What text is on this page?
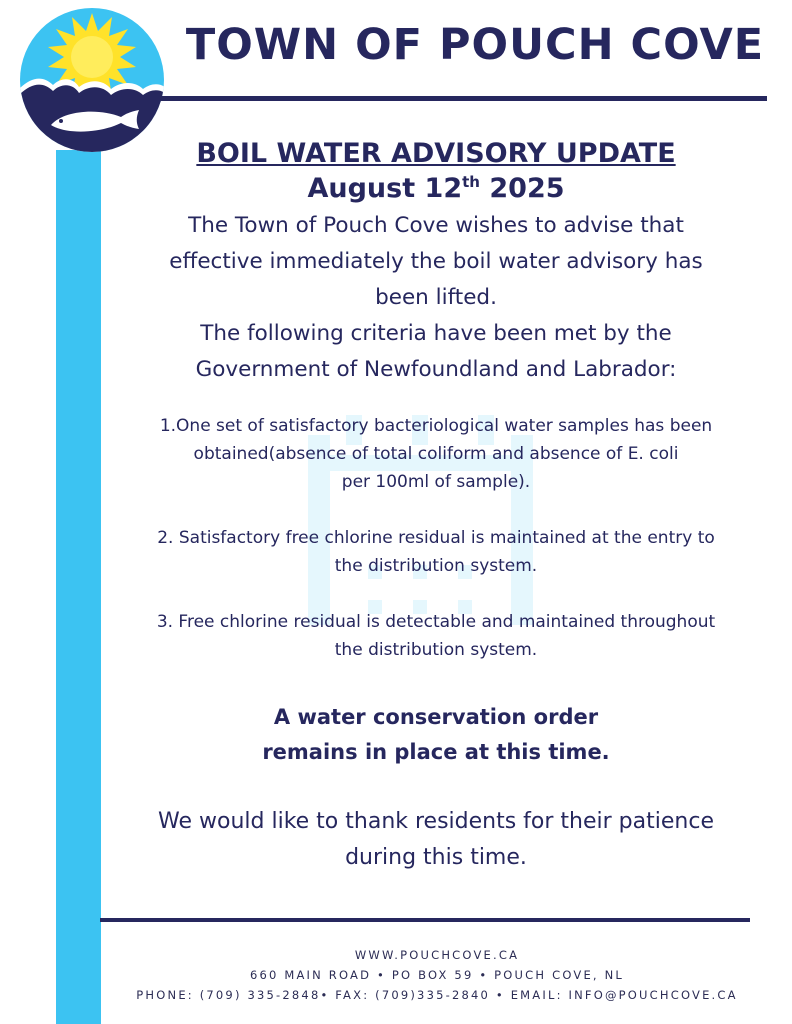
TOWN OF POUCH COVE

BOIL WATER ADVISORY UPDATE

August 12th 2025

The Town of Pouch Cove wishes to advise that

effective immediately the boil water advisory has

been lifted.

The following criteria have been met by the

Government of Newfoundland and Labrador:

1.One set of satisfactory bacteriological water samples has been

obtained(absence of total coliform and absence of E. coli

per 100ml of sample).

2. Satisfactory free chlorine residual is maintained at the entry to

the distribution system.

3. Free chlorine residual is detectable and maintained throughout

the distribution system.

A water conservation order

remains in place at this time.

We would like to thank residents for their patience

during this time.

WWW.POUCHCOVE.CA
660 MAIN ROAD • PO BOX 59 • POUCH COVE, NL
PHONE: (709) 335-2848• FAX: (709)335-2840 • EMAIL: INFO@POUCHCOVE.CA
